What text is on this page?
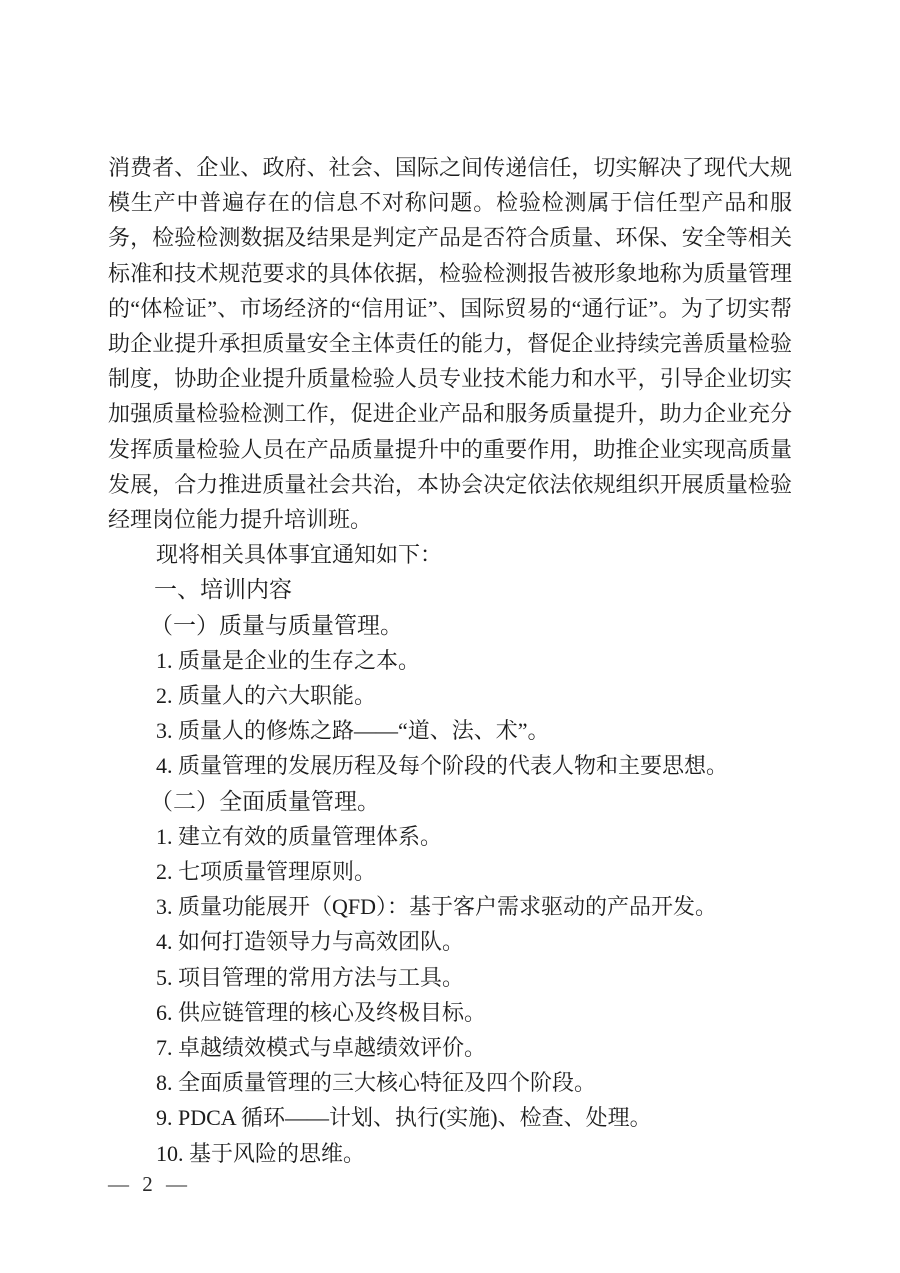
消费者、企业、政府、社会、国际之间传递信任，切实解决了现代大规模生产中普遍存在的信息不对称问题。检验检测属于信任型产品和服务，检验检测数据及结果是判定产品是否符合质量、环保、安全等相关标准和技术规范要求的具体依据，检验检测报告被形象地称为质量管理的“体检证”、市场经济的“信用证”、国际贸易的“通行证”。为了切实帮助企业提升承担质量安全主体责任的能力，督促企业持续完善质量检验制度，协助企业提升质量检验人员专业技术能力和水平，引导企业切实加强质量检验检测工作，促进企业产品和服务质量提升，助力企业充分发挥质量检验人员在产品质量提升中的重要作用，助推企业实现高质量发展，合力推进质量社会共治，本协会决定依法依规组织开展质量检验经理岗位能力提升培训班。

现将相关具体事宜通知如下：

一、培训内容
（一）质量与质量管理。

1. 质量是企业的生存之本。

2. 质量人的六大职能。

3. 质量人的修炼之路——“道、法、术”。

4. 质量管理的发展历程及每个阶段的代表人物和主要思想。

（二）全面质量管理。

1. 建立有效的质量管理体系。

2. 七项质量管理原则。

3. 质量功能展开（QFD）：基于客户需求驱动的产品开发。

4. 如何打造领导力与高效团队。

5. 项目管理的常用方法与工具。

6. 供应链管理的核心及终极目标。

7. 卓越绩效模式与卓越绩效评价。

8. 全面质量管理的三大核心特征及四个阶段。

9. PDCA 循环——计划、执行(实施)、检查、处理。

10. 基于风险的思维。

— 2 —
